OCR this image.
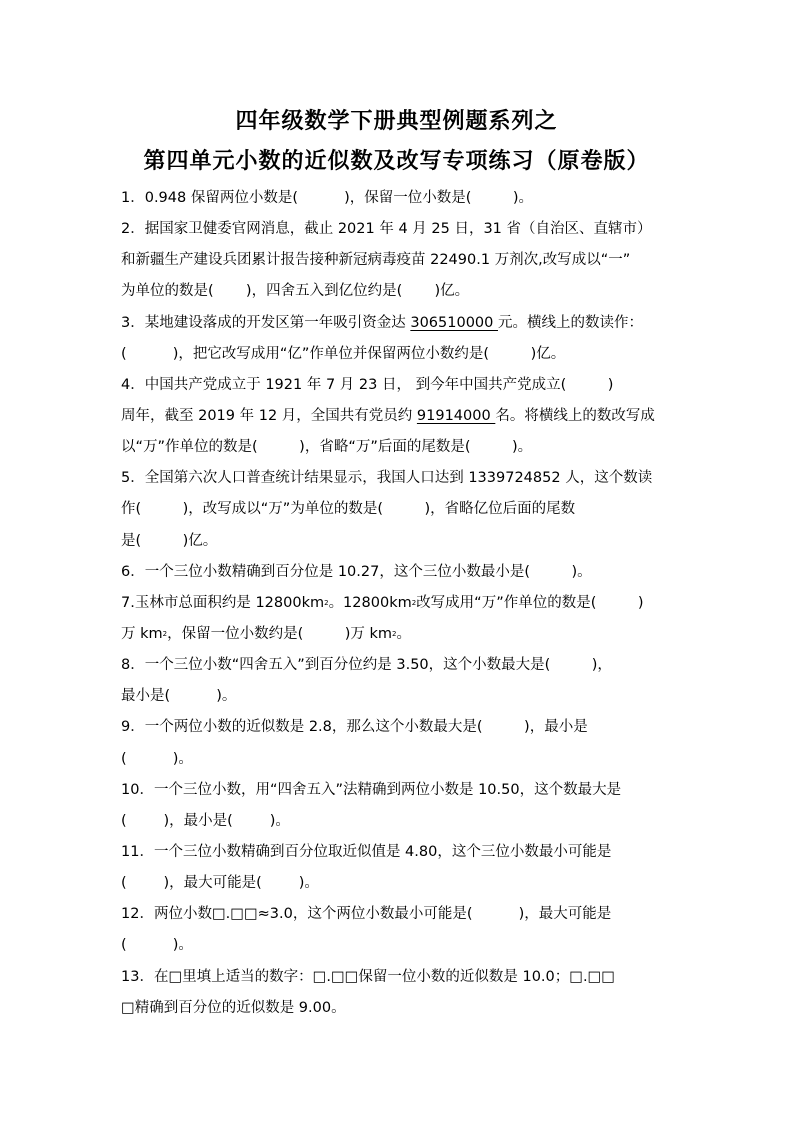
四年级数学下册典型例题系列之
第四单元小数的近似数及改写专项练习（原卷版）
1．0.948 保留两位小数是(          )，保留一位小数是(         )。
2．据国家卫健委官网消息，截止 2021 年 4 月 25 日，31 省（自治区、直辖市）
和新疆生产建设兵团累计报告接种新冠病毒疫苗 22490.1 万剂次,改写成以“一”
为单位的数是(       )，四舍五入到亿位约是(       )亿。
3．某地建设落成的开发区第一年吸引资金达 306510000 元。横线上的数读作：
(          )，把它改写成用“亿”作单位并保留两位小数约是(         )亿。
4．中国共产党成立于 1921 年 7 月 23 日， 到今年中国共产党成立(         )
周年，截至 2019 年 12 月，全国共有党员约 91914000 名。将横线上的数改写成
以“万”作单位的数是(         )，省略“万”后面的尾数是(         )。
5．全国第六次人口普查统计结果显示，我国人口达到 1339724852 人，这个数读
作(         )，改写成以“万”为单位的数是(         )，省略亿位后面的尾数
是(         )亿。
6．一个三位小数精确到百分位是 10.27，这个三位小数最小是(         )。
7.玉林市总面积约是 12800km 2 。12800km 2 改写成用“万”作单位的数是(         )
万 km 2 ，保留一位小数约是(         )万 km 2 。
8．一个三位小数“四舍五入”到百分位约是 3.50，这个小数最大是(         )，
最小是(          )。
9．一个两位小数的近似数是 2.8，那么这个小数最大是(         )，最小是
(          )。
10．一个三位小数，用“四舍五入”法精确到两位小数是 10.50，这个数最大是
(        )，最小是(        )。
11．一个三位小数精确到百分位取近似值是 4.80，这个三位小数最小可能是
(        )，最大可能是(        )。
12．两位小数□.□□≈3.0，这个两位小数最小可能是(          )，最大可能是
(          )。
13．在□里填上适当的数字：□.□□保留一位小数的近似数是 10.0；□.□□
□精确到百分位的近似数是 9.00。
